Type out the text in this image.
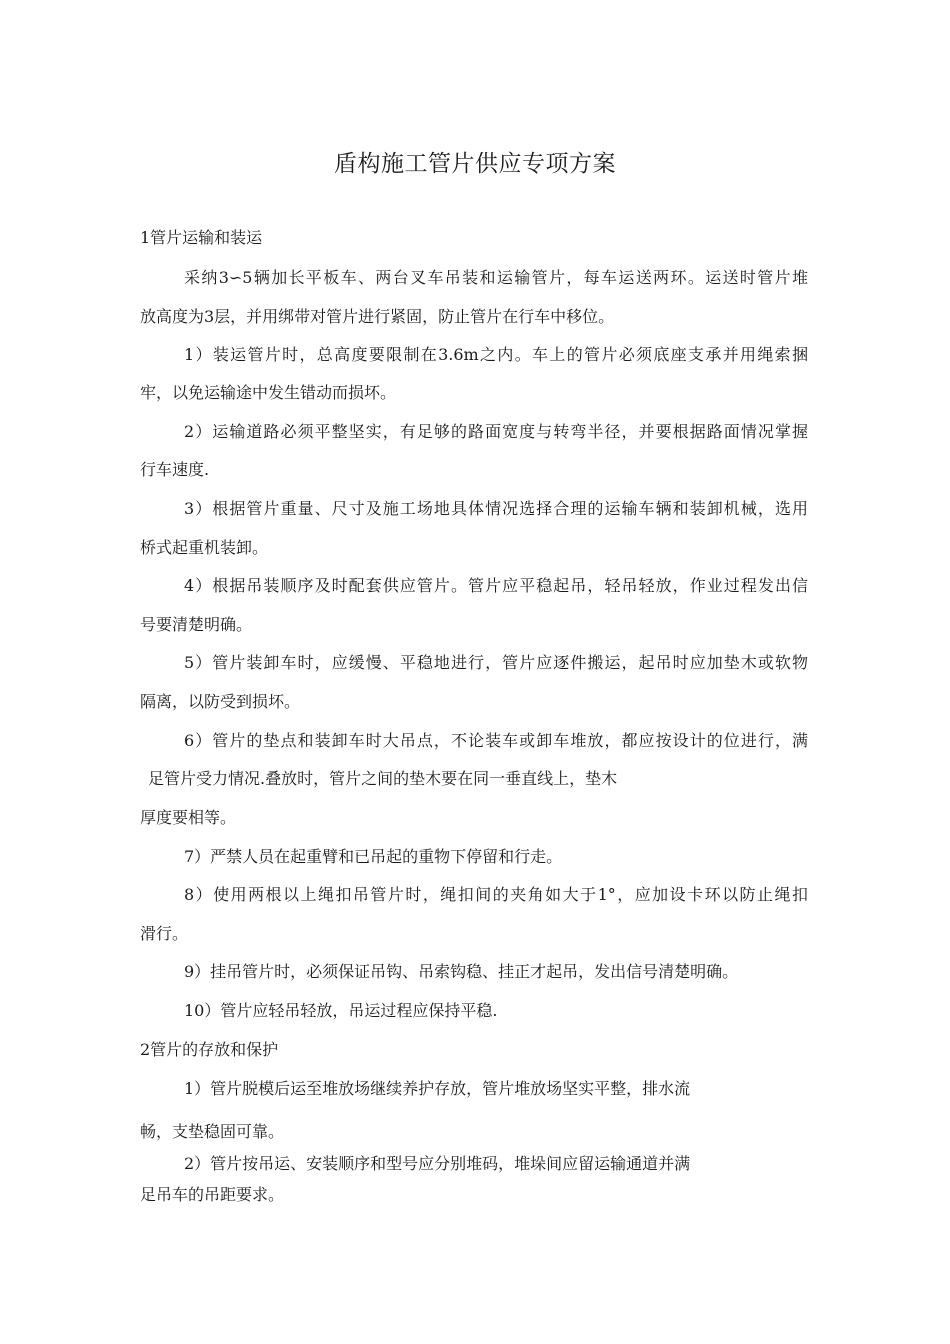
盾构施工管片供应专项方案
1管片运输和装运
采纳3∽5辆加长平板车、两台叉车吊装和运输管片，每车运送两环。运送时管片堆
放高度为3层，并用绑带对管片进行紧固，防止管片在行车中移位。
1）装运管片时，总高度要限制在3.6m之内。车上的管片必须底座支承并用绳索捆
牢，以免运输途中发生错动而损坏。
2）运输道路必须平整坚实，有足够的路面宽度与转弯半径，并要根据路面情况掌握
行车速度.
3）根据管片重量、尺寸及施工场地具体情况选择合理的运输车辆和装卸机械，选用
桥式起重机装卸。
4）根据吊装顺序及时配套供应管片。管片应平稳起吊，轻吊轻放，作业过程发出信
号要清楚明确。
5）管片装卸车时，应缓慢、平稳地进行，管片应逐件搬运，起吊时应加垫木或软物
隔离，以防受到损坏。
6）管片的垫点和装卸车时大吊点，不论装车或卸车堆放，都应按设计的位进行，满
足管片受力情况.叠放时，管片之间的垫木要在同一垂直线上，垫木
厚度要相等。
7）严禁人员在起重臂和已吊起的重物下停留和行走。
8）使用两根以上绳扣吊管片时，绳扣间的夹角如大于1°，应加设卡环以防止绳扣
滑行。
9）挂吊管片时，必须保证吊钩、吊索钩稳、挂正才起吊，发出信号清楚明确。
10）管片应轻吊轻放，吊运过程应保持平稳.
2管片的存放和保护
1）管片脱模后运至堆放场继续养护存放，管片堆放场坚实平整，排水流
畅，支垫稳固可靠。
2）管片按吊运、安装顺序和型号应分别堆码，堆垛间应留运输通道并满
足吊车的吊距要求。
